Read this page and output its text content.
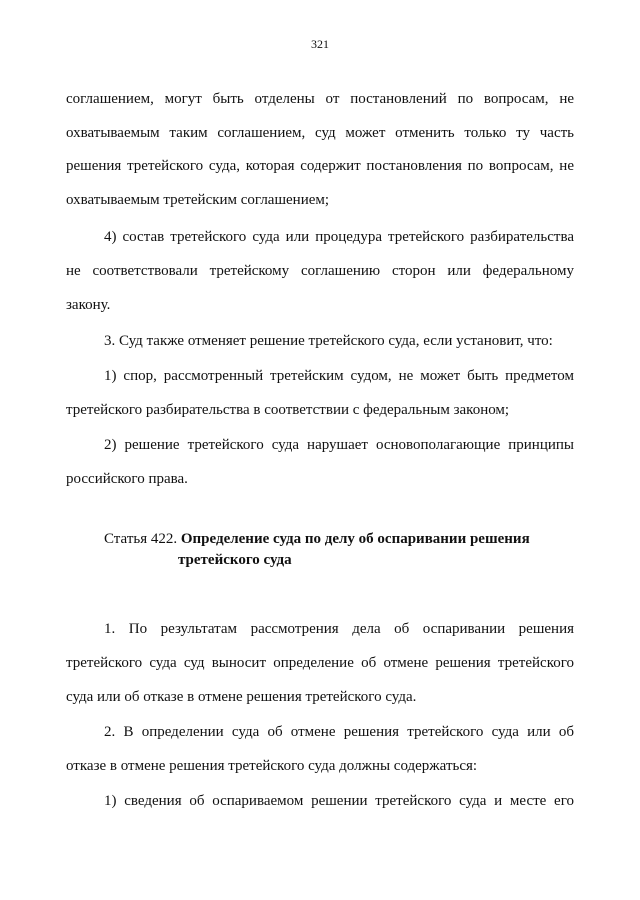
321
соглашением, могут быть отделены от постановлений по вопросам, не
охватываемым таким соглашением, суд может отменить только ту часть
решения третейского суда, которая содержит постановления по вопросам, не
охватываемым третейским соглашением;
4) состав третейского суда или процедура третейского разбирательства
не соответствовали третейскому соглашению сторон или федеральному
закону.
3. Суд также отменяет решение третейского суда, если установит, что:
1) спор, рассмотренный третейским судом, не может быть предметом
третейского разбирательства в соответствии с федеральным законом;
2) решение третейского суда нарушает основополагающие принципы
российского права.
Статья 422. Определение суда по делу об оспаривании решения
третейского суда
1. По результатам рассмотрения дела об оспаривании решения
третейского суда суд выносит определение об отмене решения третейского
суда или об отказе в отмене решения третейского суда.
2. В определении суда об отмене решения третейского суда или об
отказе в отмене решения третейского суда должны содержаться:
1) сведения об оспариваемом решении третейского суда и месте его
